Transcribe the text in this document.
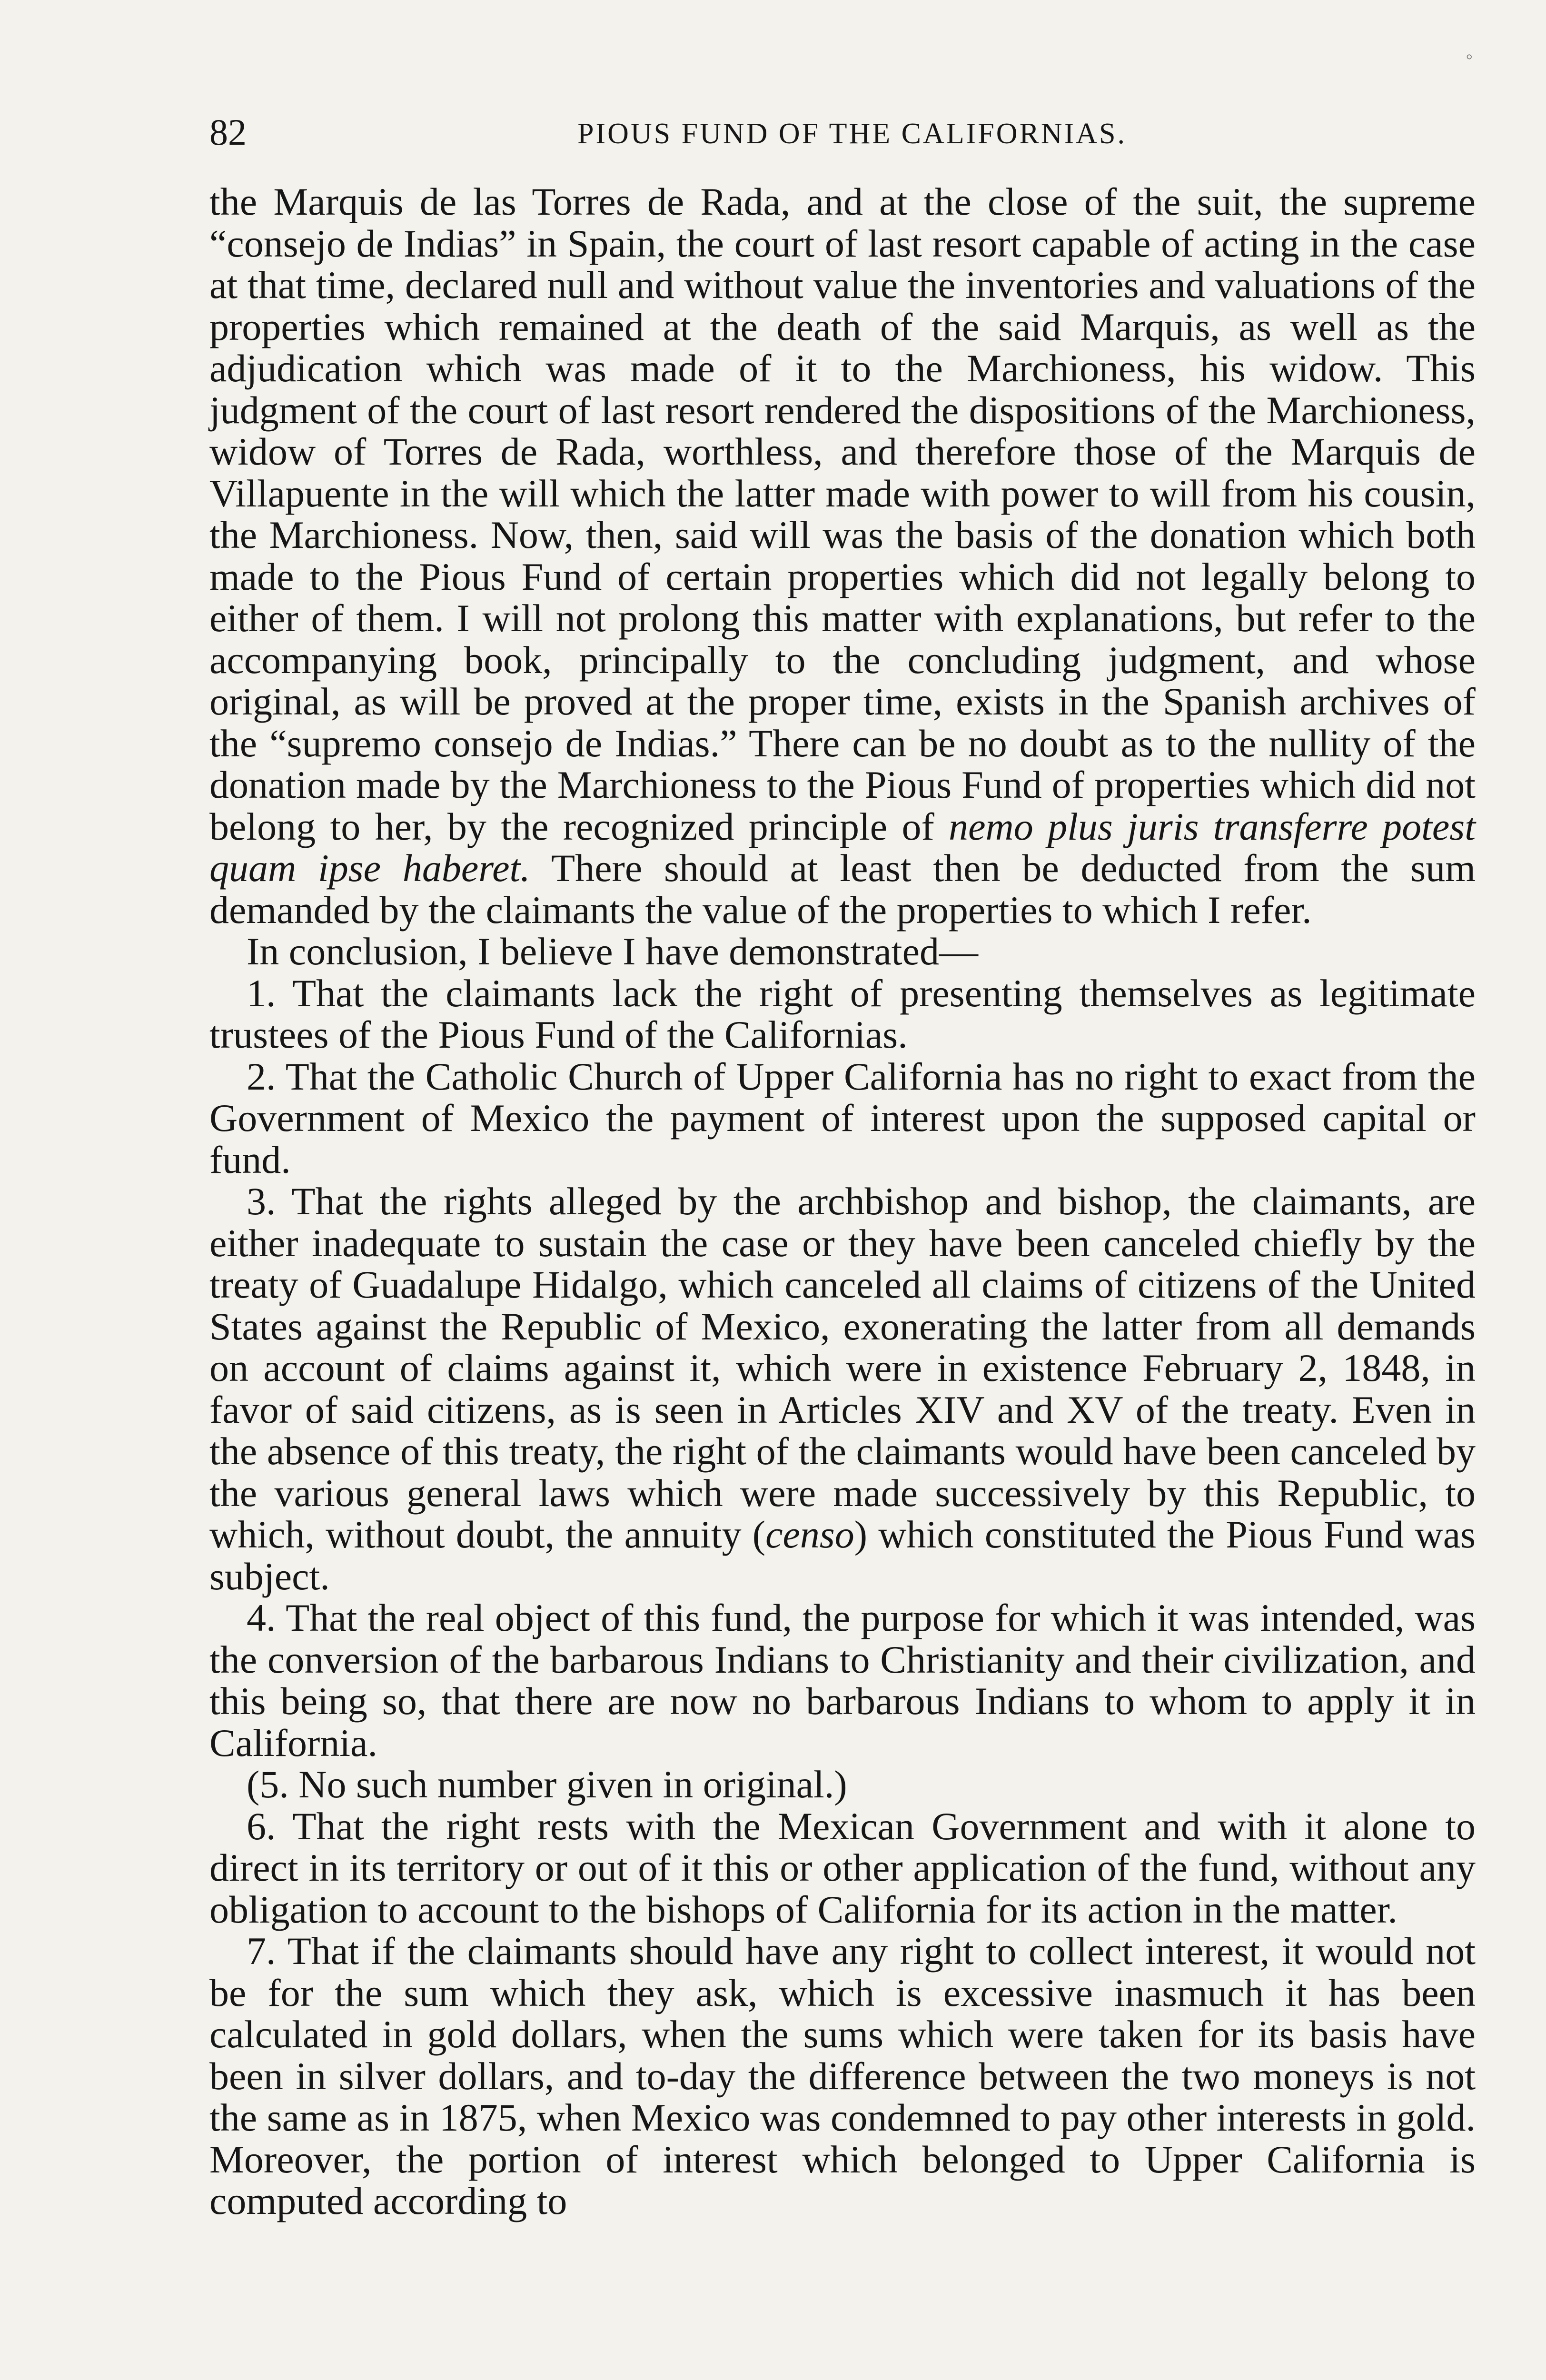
°
82	PIOUS FUND OF THE CALIFORNIAS.

the Marquis de las Torres de Rada, and at the close of the suit, the supreme “consejo de Indias” in Spain, the court of last resort capable of acting in the case at that time, declared null and without value the inventories and valuations of the properties which remained at the death of the said Marquis, as well as the adjudication which was made of it to the Marchioness, his widow. This judgment of the court of last resort rendered the dispositions of the Marchioness, widow of Torres de Rada, worthless, and therefore those of the Marquis de Villapuente in the will which the latter made with power to will from his cousin, the Marchioness. Now, then, said will was the basis of the donation which both made to the Pious Fund of certain properties which did not legally belong to either of them. I will not prolong this matter with explanations, but refer to the accompanying book, principally to the concluding judgment, and whose original, as will be proved at the proper time, exists in the Spanish archives of the “supremo consejo de Indias.” There can be no doubt as to the nullity of the donation made by the Marchioness to the Pious Fund of properties which did not belong to her, by the recognized principle of nemo plus juris transferre potest quam ipse haberet. There should at least then be deducted from the sum demanded by the claimants the value of the properties to which I refer.

In conclusion, I believe I have demonstrated—

1. That the claimants lack the right of presenting themselves as legitimate trustees of the Pious Fund of the Californias.

2. That the Catholic Church of Upper California has no right to exact from the Government of Mexico the payment of interest upon the supposed capital or fund.

3. That the rights alleged by the archbishop and bishop, the claimants, are either inadequate to sustain the case or they have been canceled chiefly by the treaty of Guadalupe Hidalgo, which canceled all claims of citizens of the United States against the Republic of Mexico, exonerating the latter from all demands on account of claims against it, which were in existence February 2, 1848, in favor of said citizens, as is seen in Articles XIV and XV of the treaty. Even in the absence of this treaty, the right of the claimants would have been canceled by the various general laws which were made successively by this Republic, to which, without doubt, the annuity (censo) which constituted the Pious Fund was subject.

4. That the real object of this fund, the purpose for which it was intended, was the conversion of the barbarous Indians to Christianity and their civilization, and this being so, that there are now no barbarous Indians to whom to apply it in California.

(5. No such number given in original.)

6. That the right rests with the Mexican Government and with it alone to direct in its territory or out of it this or other application of the fund, without any obligation to account to the bishops of California for its action in the matter.

7. That if the claimants should have any right to collect interest, it would not be for the sum which they ask, which is excessive inasmuch it has been calculated in gold dollars, when the sums which were taken for its basis have been in silver dollars, and to-day the difference between the two moneys is not the same as in 1875, when Mexico was condemned to pay other interests in gold. Moreover, the portion of interest which belonged to Upper California is computed according to
